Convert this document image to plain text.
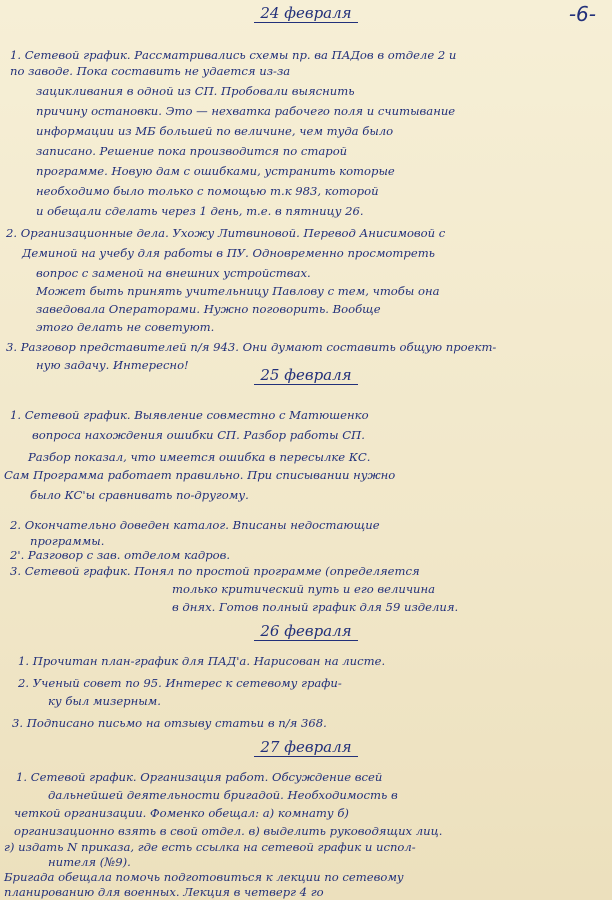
-6-
24 февраля
1. Сетевой график. Рассматривались схемы пр. ва ПАДов в отделе 2 и
по заводе. Пока составить не удается из-за
зацикливания в одной из СП. Пробовали выяснить
причину остановки. Это — нехватка рабочего поля и считывание
информации из МБ большей по величине, чем туда было
записано. Решение пока производится по старой
программе. Новую дам с ошибками, устранить которые
необходимо было только с помощью т.к 983, которой
и обещали сделать через 1 день, т.е. в пятницу 26.
2. Организационные дела. Ухожу Литвиновой. Перевод Анисимовой с
Деминой на учебу для работы в ПУ. Одновременно просмотреть
вопрос с заменой на внешних устройствах.
Может быть принять учительницу Павлову с тем, чтобы она
заведовала Операторами. Нужно поговорить. Вообще
этого делать не советуют.
3. Разговор представителей п/я 943. Они думают составить общую проект-
ную задачу. Интересно!
25 февраля
1. Сетевой график. Выявление совместно с Матюшенко
вопроса нахождения ошибки СП. Разбор работы СП.
Разбор показал, что имеется ошибка в пересылке КС.
Сам Программа работает правильно. При списывании нужно
было КС'ы сравнивать по-другому.
2. Окончательно доведен каталог. Вписаны недостающие
программы.
2'. Разговор с зав. отделом кадров.
3. Сетевой график. Понял по простой программе (определяется
только критический путь и его величина
в днях. Готов полный график для 59 изделия.
26 февраля
1. Прочитан план-график для ПАД'а. Нарисован на листе.
2. Ученый совет по 95. Интерес к сетевому графи-
ку был мизерным.
3. Подписано письмо на отзыву статьи в п/я 368.
27 февраля
1. Сетевой график. Организация работ. Обсуждение всей
дальнейшей деятельности бригадой. Необходимость в
четкой организации. Фоменко обещал: а) комнату б)
организационно взять в свой отдел. в) выделить руководящих лиц.
г) издать N приказа, где есть ссылка на сетевой график и испол-
нителя (№9).
Бригада обещала помочь подготовиться к лекции по сетевому
планированию для военных. Лекция в четверг 4 го
